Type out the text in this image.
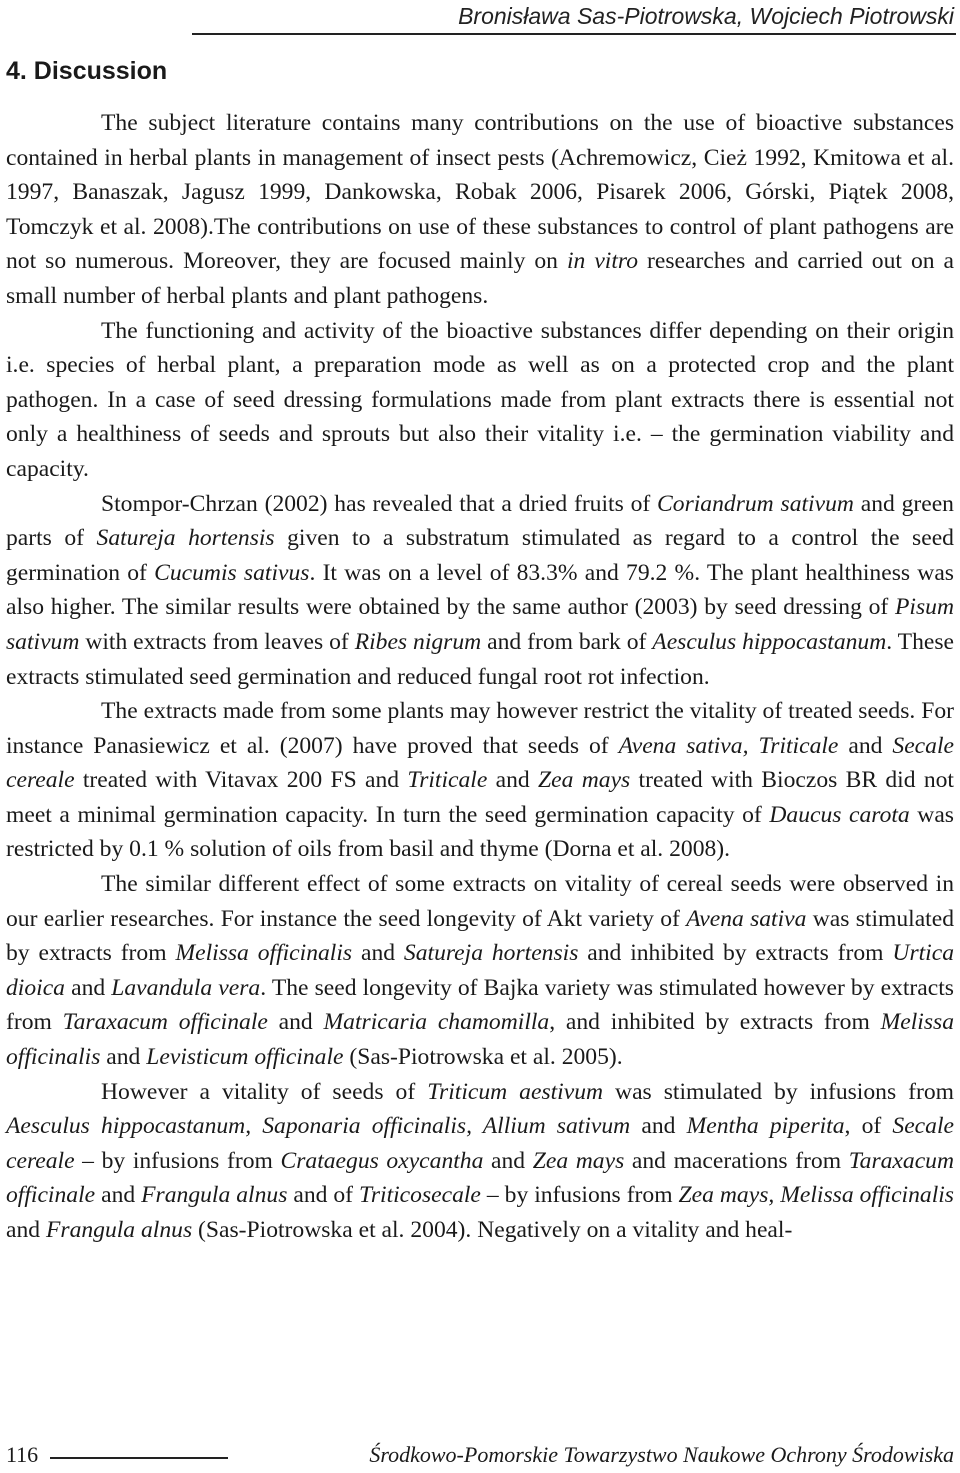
Bronisława Sas-Piotrowska, Wojciech Piotrowski
4. Discussion

The subject literature contains many contributions on the use of bioactive substances contained in herbal plants in management of insect pests (Achremowicz, Cież 1992, Kmitowa et al. 1997, Banaszak, Jagusz 1999, Dankowska, Robak 2006, Pisarek 2006, Górski, Piątek 2008, Tomczyk et al. 2008).The contributions on use of these substances to control of plant pathogens are not so numerous. Moreover, they are focused mainly on in vitro researches and carried out on a small number of herbal plants and plant pathogens.

The functioning and activity of the bioactive substances differ depending on their origin i.e. species of herbal plant, a preparation mode as well as on a protected crop and the plant pathogen. In a case of seed dressing formulations made from plant extracts there is essential not only a healthiness of seeds and sprouts but also their vitality i.e. – the germination viability and capacity.

Stompor-Chrzan (2002) has revealed that a dried fruits of Coriandrum sativum and green parts of Satureja hortensis given to a substratum stimulated as regard to a control the seed germination of Cucumis sativus. It was on a level of 83.3% and 79.2 %. The plant healthiness was also higher. The similar results were obtained by the same author (2003) by seed dressing of Pisum sativum with extracts from leaves of Ribes nigrum and from bark of Aesculus hippocastanum. These extracts stimulated seed germination and reduced fungal root rot infection.

The extracts made from some plants may however restrict the vitality of treated seeds. For instance Panasiewicz et al. (2007) have proved that seeds of Avena sativa, Triticale and Secale cereale treated with Vitavax 200 FS and Triticale and Zea mays treated with Bioczos BR did not meet a minimal germination capacity. In turn the seed germination capacity of Daucus carota was restricted by 0.1 % solution of oils from basil and thyme (Dorna et al. 2008).

The similar different effect of some extracts on vitality of cereal seeds were observed in our earlier researches. For instance the seed longevity of Akt variety of Avena sativa was stimulated by extracts from Melissa officinalis and Satureja hortensis and inhibited by extracts from Urtica dioica and Lavandula vera. The seed longevity of Bajka variety was stimulated however by extracts from Taraxacum officinale and Matricaria chamomilla, and inhibited by extracts from Melissa officinalis and Levisticum officinale (Sas-Piotrowska et al. 2005).

However a vitality of seeds of Triticum aestivum was stimulated by infusions from Aesculus hippocastanum, Saponaria officinalis, Allium sativum and Mentha piperita, of Secale cereale – by infusions from Crataegus oxycantha and Zea mays and macerations from Taraxacum officinale and Frangula alnus and of Triticosecale – by infusions from Zea mays, Melissa officinalis and Frangula alnus (Sas-Piotrowska et al. 2004). Negatively on a vitality and heal-

116	Środkowo-Pomorskie Towarzystwo Naukowe Ochrony Środowiska
